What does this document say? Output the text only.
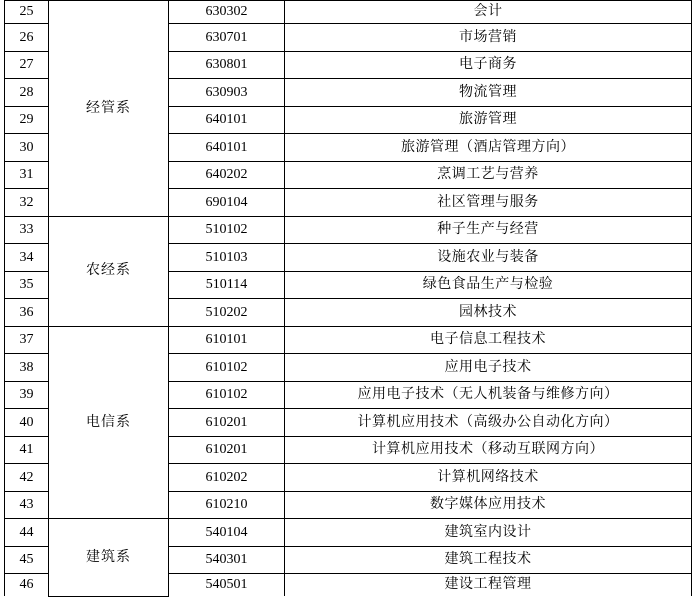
25	经管系	630302	会计
26		630701	市场营销
27		630801	电子商务
28		630903	物流管理
29		640101	旅游管理
30		640101	旅游管理（酒店管理方向）
31		640202	烹调工艺与营养
32		690104	社区管理与服务
33	农经系	510102	种子生产与经营
34		510103	设施农业与装备
35		510114	绿色食品生产与检验
36		510202	园林技术
37	电信系	610101	电子信息工程技术
38		610102	应用电子技术
39		610102	应用电子技术（无人机装备与维修方向）
40		610201	计算机应用技术（高级办公自动化方向）
41		610201	计算机应用技术（移动互联网方向）
42		610202	计算机网络技术
43		610210	数字媒体应用技术
44	建筑系	540104	建筑室内设计
45		540301	建筑工程技术
46		540501	建设工程管理
